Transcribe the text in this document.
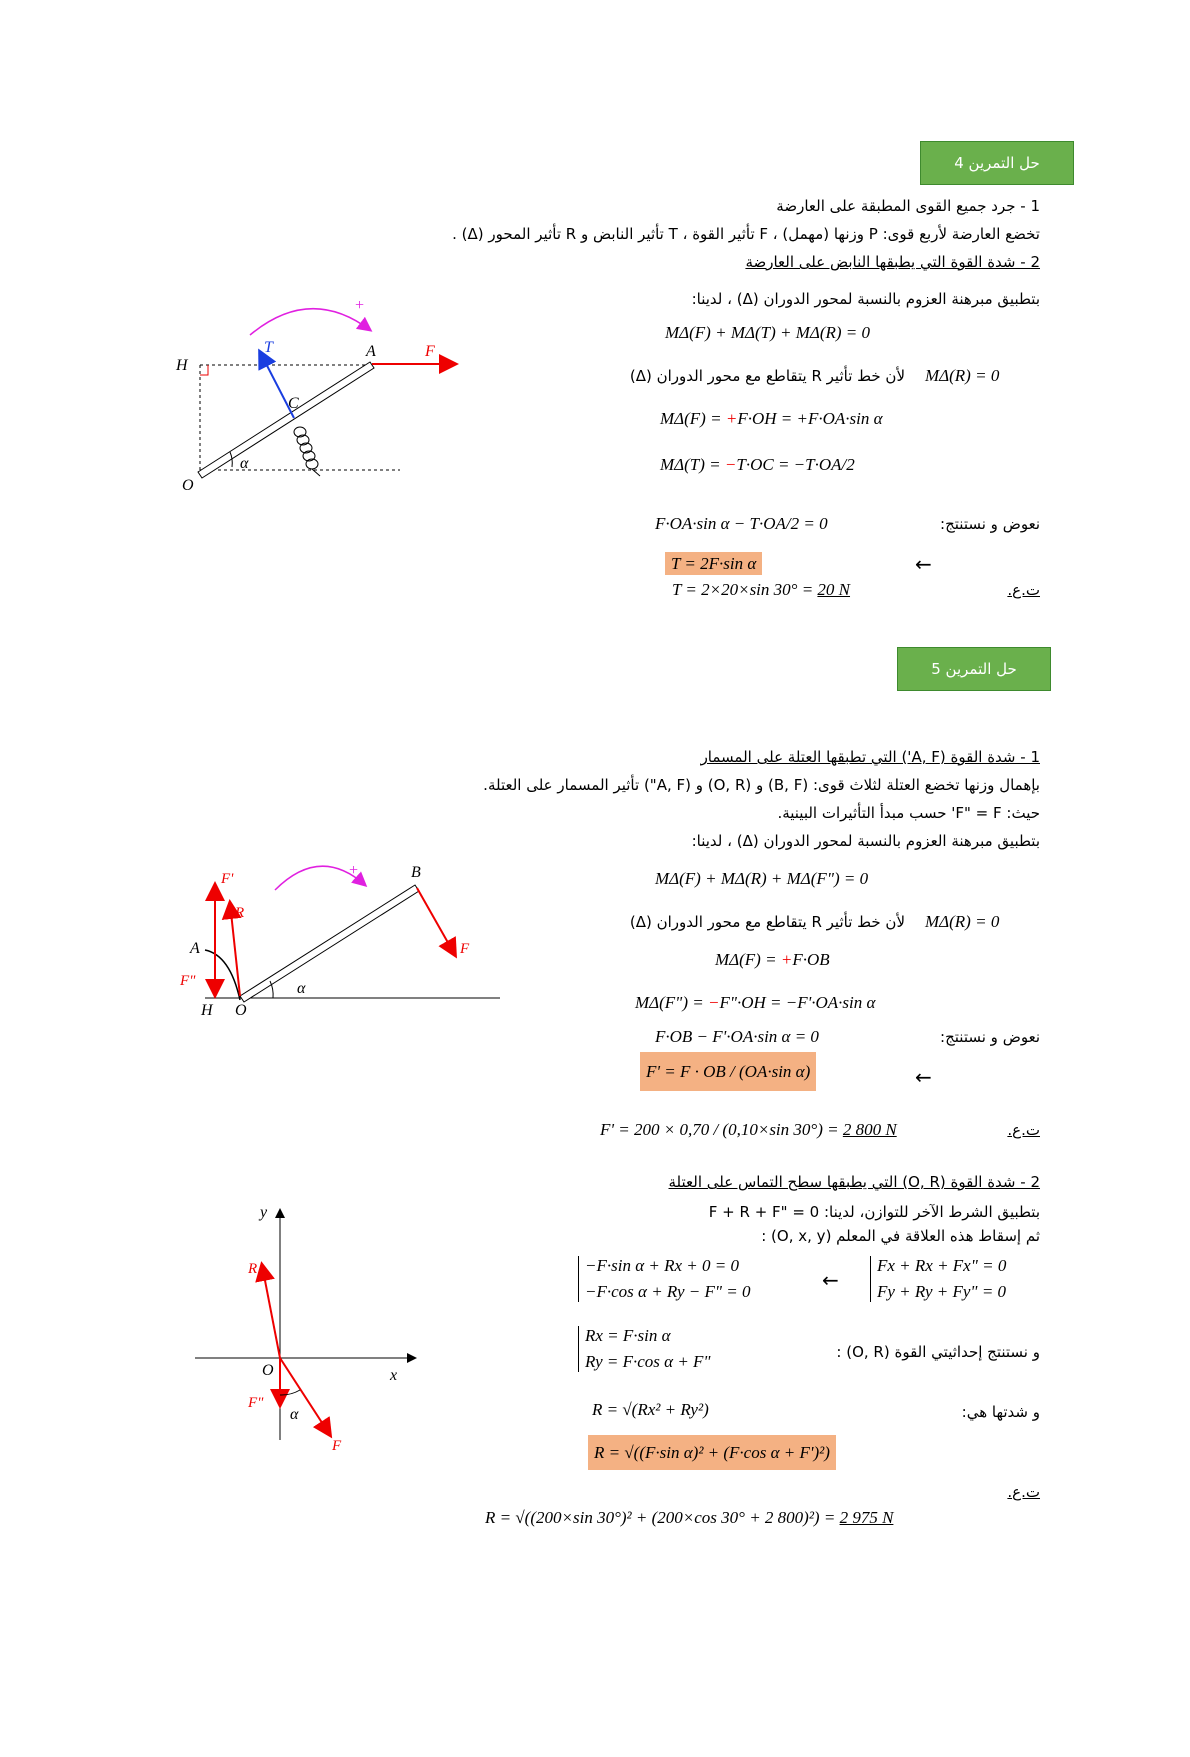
حل التمرين 4
1 - جرد جميع القوى المطبقة على العارضة
تخضع العارضة لأربع قوى: P وزنها (مهمل) ، F تأثير القوة ، T تأثير النابض و R تأثير المحور (Δ) .
2 - شدة القوة التي يطبقها النابض على العارضة
بتطبيق مبرهنة العزوم بالنسبة لمحور الدوران (Δ) ، لدينا:
MΔ(F) + MΔ(T) + MΔ(R) = 0
MΔ(R) = 0
لأن خط تأثير R يتقاطع مع محور الدوران (Δ)
MΔ(F) = +F·OH = +F·OA·sin α
MΔ(T) = −T·OC = −T·OA/2
نعوض و نستنتج:
F·OA·sin α − T·OA/2 = 0
T = 2F·sin α	←
T = 2×20×sin 30° = 20 N	ت.ع.
H
A
C
O
α
T	F
+
حل التمرين 5
1 - شدة القوة (A, F') التي تطبقها العتلة على المسمار
بإهمال وزنها تخضع العتلة لثلاث قوى: (B, F) و (O, R) و (A, F") تأثير المسمار على العتلة.
حيث: F" = F' حسب مبدأ التأثيرات البينية.
بتطبيق مبرهنة العزوم بالنسبة لمحور الدوران (Δ) ، لدينا:
MΔ(F) + MΔ(R) + MΔ(F") = 0
MΔ(R) = 0
لأن خط تأثير R يتقاطع مع محور الدوران (Δ)
MΔ(F) = +F·OB
MΔ(F") = −F"·OH = −F'·OA·sin α
نعوض و نستنتج:
F·OB − F'·OA·sin α = 0
F' = F · OB / (OA·sin α)	←
F' = 200 × 0,70 / (0,10×sin 30°) = 2 800 N	ت.ع.
2 - شدة القوة (O, R) التي يطبقها سطح التماس على العتلة
بتطبيق الشرط الآخر للتوازن، لدينا: F + R + F" = 0
ثم إسقاط هذه العلاقة في المعلم (O, x, y) :
Fx + Rx + Fx" = 0
Fy + Ry + Fy" = 0
←
−F·sin α + Rx + 0 = 0
−F·cos α + Ry − F" = 0
و نستنتج إحداثيتي القوة (O, R) :
Rx = F·sin α
Ry = F·cos α + F"
و شدتها هي:
R = √(Rx² + Ry²)
R = √((F·sin α)² + (F·cos α + F')²)
ت.ع.
R = √((200×sin 30°)² + (200×cos 30° + 2 800)²) = 2 975 N
F'
R
A
B
F"
H O
α
F
+
y
x
O
R
F"
α
F
